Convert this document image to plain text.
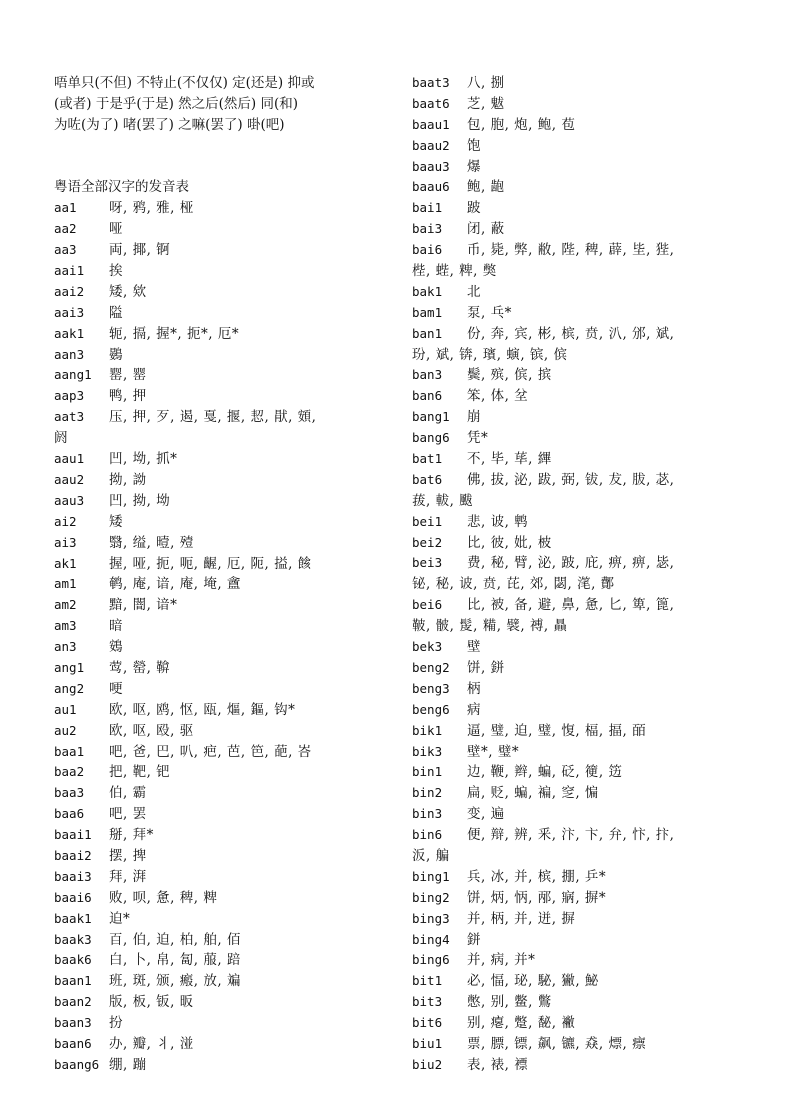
唔单只(不但) 不特止(不仅仅) 定(还是) 抑或
(或者) 于是乎(于是) 然之后(然后) 同(和)
为咗(为了) 啫(罢了) 之嘛(罢了) 啩(吧)
粤语全部汉字的发音表
aa1 呀, 鸦, 雅, 桠
aa2 哑
aa3 両, 揶, 锕
aai1 挨
aai2 矮, 欸
aai3 隘
aak1 轭, 搹, 握*, 扼*, 厄*
aan3 鷃
aang1 罂, 罂
aap3 鸭, 押
aat3 压, 押, 歹, 遏, 戛, 揠, 恝, 猒, 頞,
阏
aau1 凹, 坳, 抓*
aau2 拗, 詏
aau3 凹, 拗, 坳
ai2 矮
ai3 翳, 缢, 曀, 殪
ak1 握, 哑, 扼, 呃, 齷, 厄, 阨, 搤, 餩
am1 鹌, 庵, 谙, 庵, 埯, 盦
am2 黯, 闇, 谙*
am3 暗
an3 鴳
ang1 莺, 罃, 鞥
ang2 哽
au1 欧, 呕, 鸥, 怄, 瓯, 熰, 鏂, 钩*
au2 欧, 呕, 殴, 驱
baa1 吧, 爸, 巴, 叭, 疤, 芭, 笆, 葩, 峇
baa2 把, 靶, 钯
baa3 伯, 霸
baa6 吧, 罢
baai1 掰, 拜*
baai2 摆, 捭
baai3 拜, 湃
baai6 败, 呗, 惫, 稗, 粺
baak1 迫*
baak3 百, 伯, 迫, 柏, 舶, 佰
baak6 白, 卜, 帛, 匐, 菔, 踣
baan1 班, 斑, 颁, 瘢, 放, 斒
baan2 版, 板, 钣, 昄
baan3 扮
baan6 办, 瓣, 丬, 湴
baang6 绷, 蹦
baat3 八, 捌
baat6 芝, 魃
baau1 包, 胞, 炮, 鲍, 苞
baau2 饱
baau3 爆
baau6 鲍, 龅
bai1 跛
bai3 闭, 蔽
bai6 币, 毙, 弊, 敝, 陛, 稗, 薜, 坒, 狴,
梐, 蜌, 粺, 獘
bak1 北
bam1 泵, 乓*
ban1 份, 奔, 宾, 彬, 槟, 贲, 汃, 邠, 斌,
玢, 斌, 锛, 璸, 螾, 镔, 傧
ban3 鬓, 殡, 傧, 摈
ban6 笨, 体, 坌
bang1 崩
bang6 凭*
bat1 不, 毕, 荜, 縪
bat6 佛, 拔, 泌, 跋, 弼, 钹, 犮, 胈, 苾,
菝, 軷, 颰
bei1 悲, 诐, 鹎
bei2 比, 彼, 妣, 柀
bei3 费, 秘, 臂, 泌, 跛, 庇, 痹, 痹, 毖,
铋, 秘, 诐, 贲, 芘, 郊, 閟, 滗, 鄪
bei6 比, 被, 备, 避, 鼻, 惫, 匕, 箄, 篦,
鞁, 骳, 髲, 糒, 襞, 禣, 贔
bek3 壁
beng2 饼, 鉼
beng3 柄
beng6 病
bik1 逼, 璧, 迫, 璧, 愎, 楅, 揊, 皕
bik3 壁*, 璧*
bin1 边, 鞭, 辫, 蝙, 砭, 箯, 笾
bin2 扁, 贬, 蝙, 褊, 窆, 惼
bin3 变, 遍
bin6 便, 辩, 辨, 釆, 汴, 卞, 弁, 忭, 抃,
汳, 艑
bing1 兵, 冰, 并, 槟, 掤, 乒*
bing2 饼, 炳, 怲, 邴, 寎, 摒*
bing3 并, 柄, 并, 迸, 摒
bing4 鉼
bing6 并, 病, 并*
bit1 必, 愊, 珌, 駜, 獙, 鮅
bit3 憋, 别, 鳖, 鷩
bit6 别, 瘪, 蹩, 馝, 襒
biu1 票, 膘, 镖, 飙, 镳, 猋, 熛, 瘭
biu2 表, 裱, 褾
